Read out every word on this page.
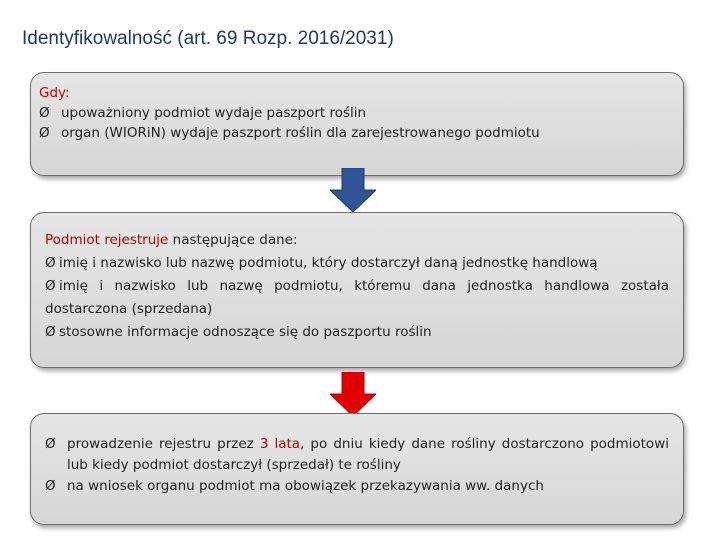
Identyfikowalność (art. 69 Rozp. 2016/2031)
Gdy:
Ø upoważniony podmiot wydaje paszport roślin
Ø organ (WIORiN) wydaje paszport roślin dla zarejestrowanego podmiotu
Podmiot rejestruje następujące dane:
Ø imię i nazwisko lub nazwę podmiotu, który dostarczył daną jednostkę handlową
Ø imię i nazwisko lub nazwę podmiotu, któremu dana jednostka handlowa została dostarczona (sprzedana)
Ø stosowne informacje odnoszące się do paszportu roślin
Ø prowadzenie rejestru przez 3 lata, po dniu kiedy dane rośliny dostarczono podmiotowi lub kiedy podmiot dostarczył (sprzedał) te rośliny
Ø na wniosek organu podmiot ma obowiązek przekazywania ww. danych
